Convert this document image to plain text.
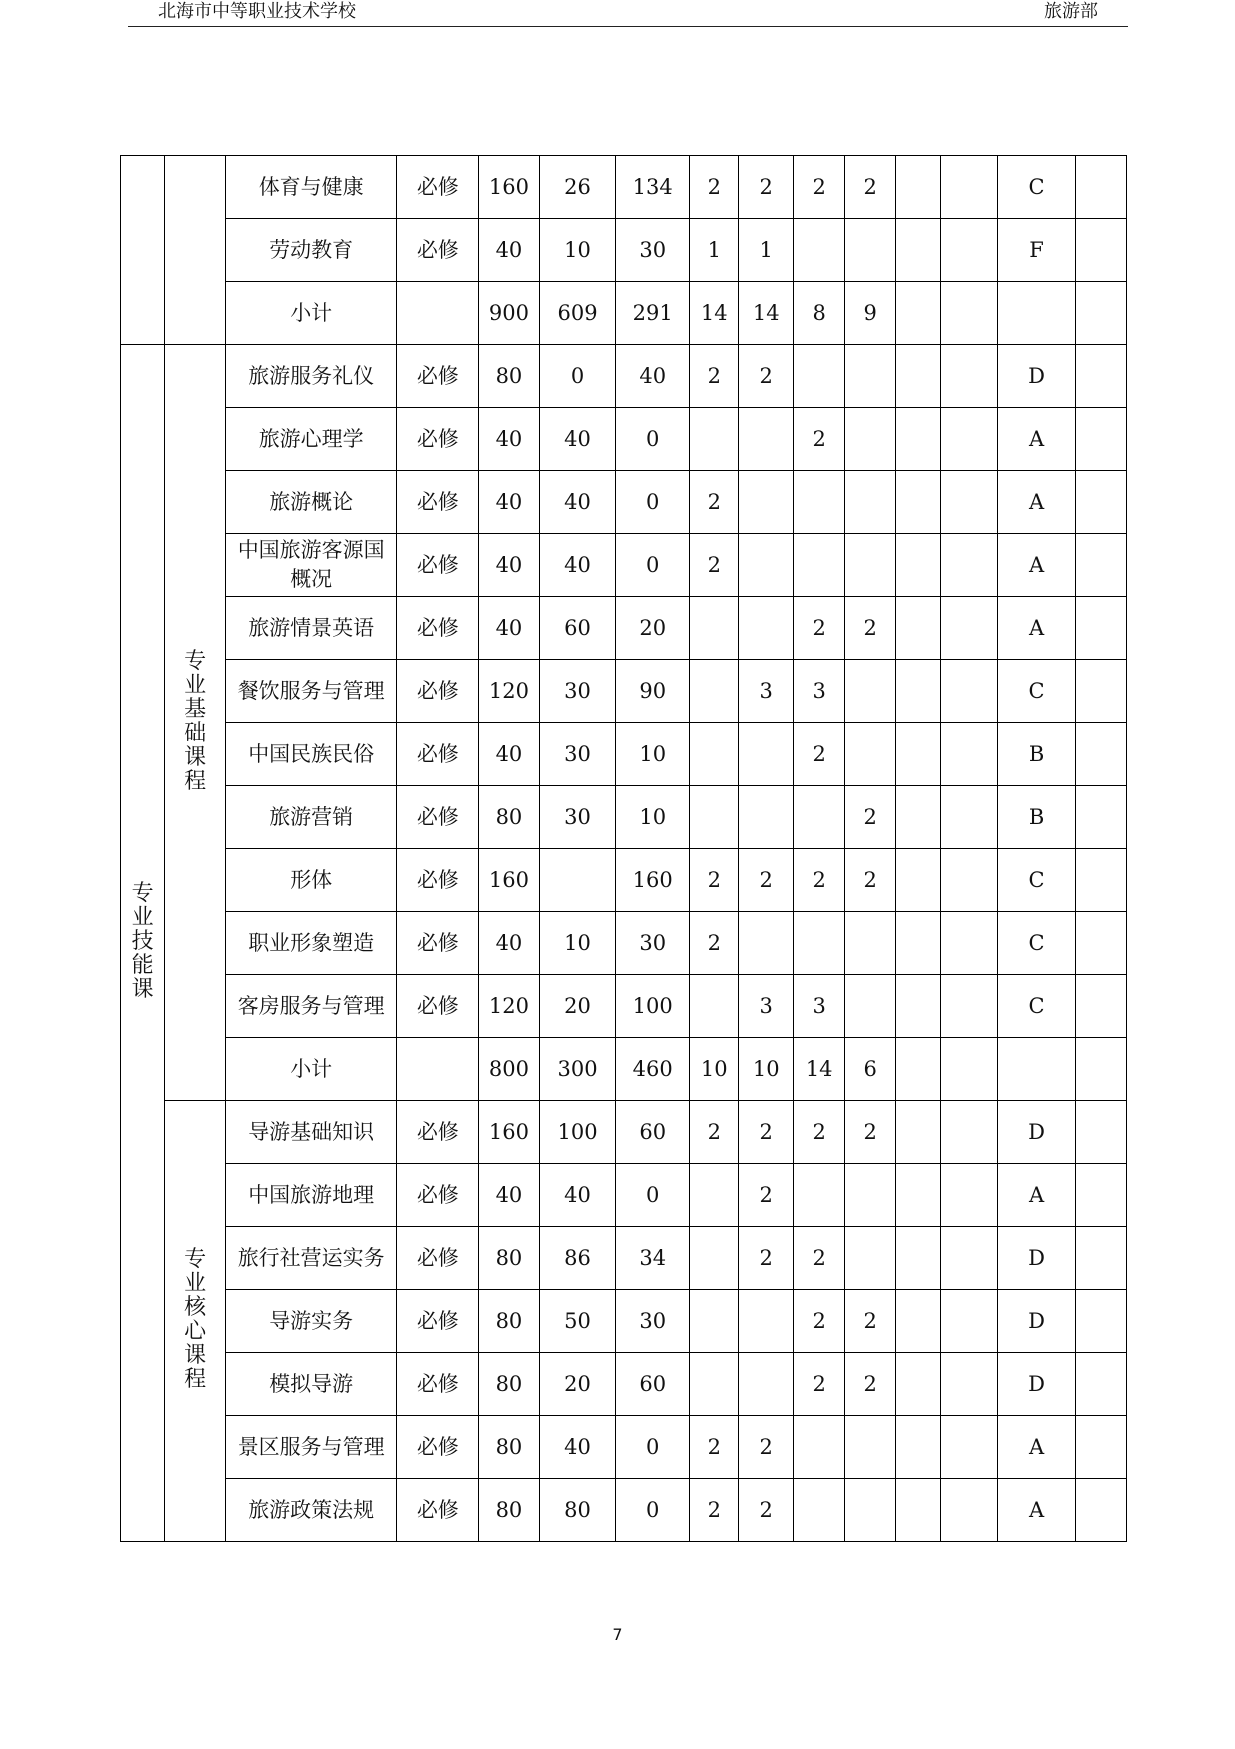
北海市中等职业技术学校	旅游部
		体育与健康	必修	160	26	134	2	2	2	2			C	
		劳动教育	必修	40	10	30	1	1					F	
		小计		900	609	291	14	14	8	9				
专业技能课	专业基础课程	旅游服务礼仪	必修	80	0	40	2	2					D	
		旅游心理学	必修	40	40	0			2				A	
		旅游概论	必修	40	40	0	2						A	
		中国旅游客源国概况	必修	40	40	0	2						A	
		旅游情景英语	必修	40	60	20			2	2			A	
		餐饮服务与管理	必修	120	30	90		3	3				C	
		中国民族民俗	必修	40	30	10			2				B	
		旅游营销	必修	80	30	10				2			B	
		形体	必修	160		160	2	2	2	2			C	
		职业形象塑造	必修	40	10	30	2						C	
		客房服务与管理	必修	120	20	100		3	3				C	
		小计		800	300	460	10	10	14	6				
	专业核心课程	导游基础知识	必修	160	100	60	2	2	2	2			D	
		中国旅游地理	必修	40	40	0		2					A	
		旅行社营运实务	必修	80	86	34		2	2				D	
		导游实务	必修	80	50	30			2	2			D	
		模拟导游	必修	80	20	60			2	2			D	
		景区服务与管理	必修	80	40	0	2	2					A	
		旅游政策法规	必修	80	80	0	2	2					A	
7
